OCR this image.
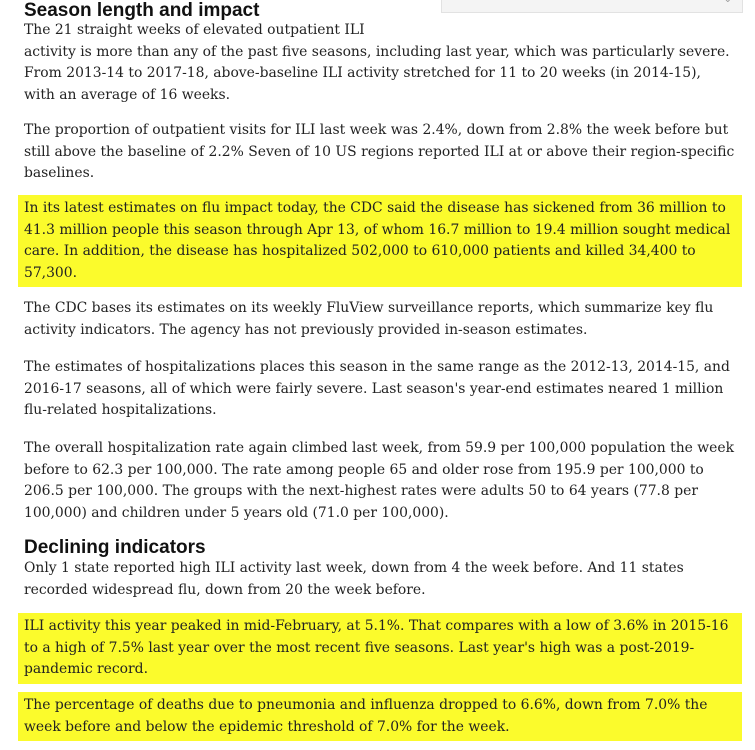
Season length and impact

The 21 straight weeks of elevated outpatient ILI
activity is more than any of the past five seasons, including last year, which was particularly severe. From 2013-14 to 2017-18, above-baseline ILI activity stretched for 11 to 20 weeks (in 2014-15), with an average of 16 weeks.

The proportion of outpatient visits for ILI last week was 2.4%, down from 2.8% the week before but still above the baseline of 2.2% Seven of 10 US regions reported ILI at or above their region-specific baselines.

In its latest estimates on flu impact today, the CDC said the disease has sickened from 36 million to 41.3 million people this season through Apr 13, of whom 16.7 million to 19.4 million sought medical care. In addition, the disease has hospitalized 502,000 to 610,000 patients and killed 34,400 to 57,300.

The CDC bases its estimates on its weekly FluView surveillance reports, which summarize key flu activity indicators. The agency has not previously provided in-season estimates.

The estimates of hospitalizations places this season in the same range as the 2012-13, 2014-15, and 2016-17 seasons, all of which were fairly severe. Last season's year-end estimates neared 1 million flu-related hospitalizations.

The overall hospitalization rate again climbed last week, from 59.9 per 100,000 population the week before to 62.3 per 100,000. The rate among people 65 and older rose from 195.9 per 100,000 to 206.5 per 100,000. The groups with the next-highest rates were adults 50 to 64 years (77.8 per 100,000) and children under 5 years old (71.0 per 100,000).

Declining indicators

Only 1 state reported high ILI activity last week, down from 4 the week before. And 11 states recorded widespread flu, down from 20 the week before.

ILI activity this year peaked in mid-February, at 5.1%. That compares with a low of 3.6% in 2015-16 to a high of 7.5% last year over the most recent five seasons. Last year's high was a post-2019-pandemic record.

The percentage of deaths due to pneumonia and influenza dropped to 6.6%, down from 7.0% the week before and below the epidemic threshold of 7.0% for the week.
